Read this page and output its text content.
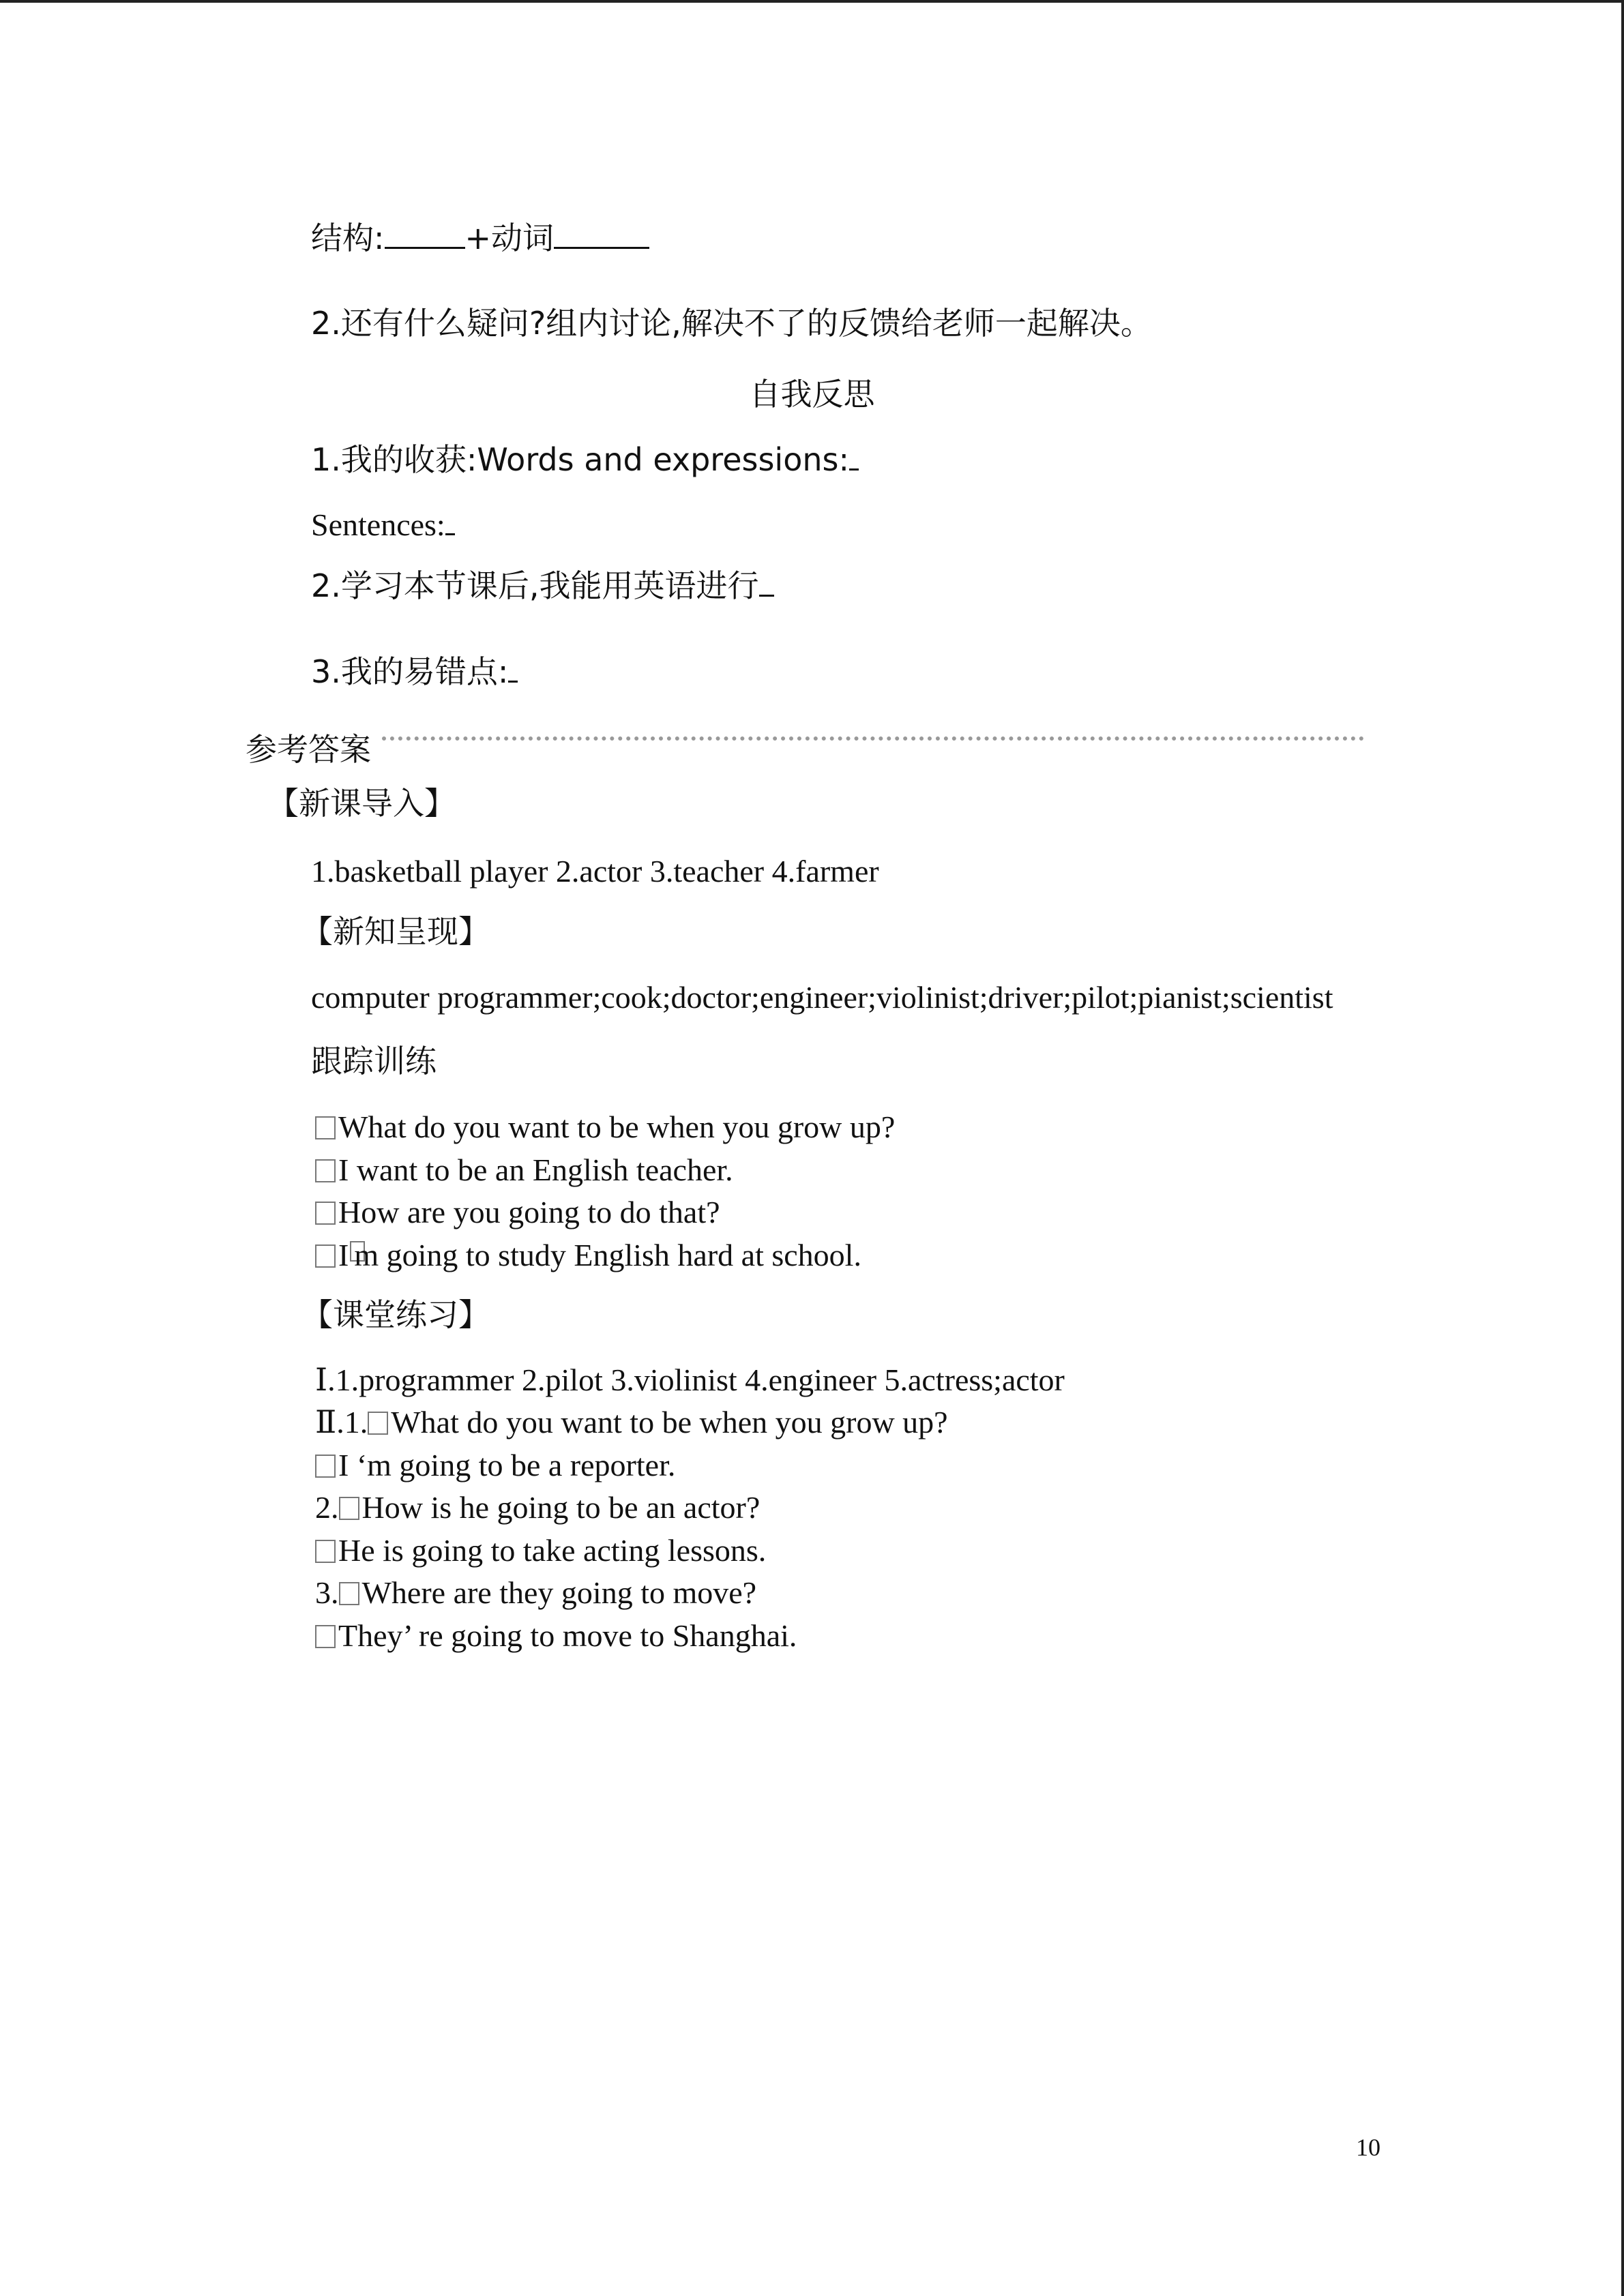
结构:	+动词
2.还有什么疑问?组内讨论,解决不了的反馈给老师一起解决。
自我反思
1.我的收获:Words and expressions:
Sentences:
2.学习本节课后,我能用英语进行
3.我的易错点:
参考答案
【新课导入】
1.basketball player 2.actor 3.teacher 4.farmer
【新知呈现】
computer programmer;cook;doctor;engineer;violinist;driver;pilot;pianist;scientist
跟踪训练
What do you want to be when you grow up?
I want to be an English teacher.
How are you going to do that?
I m going to study English hard at school.
【课堂练习】
Ⅰ.1.programmer 2.pilot 3.violinist 4.engineer 5.actress;actor
Ⅱ.1. What do you want to be when you grow up?
I ‘m going to be a reporter.
2. How is he going to be an actor?
He is going to take acting lessons.
3. Where are they going to move?
They’ re going to move to Shanghai.
10
